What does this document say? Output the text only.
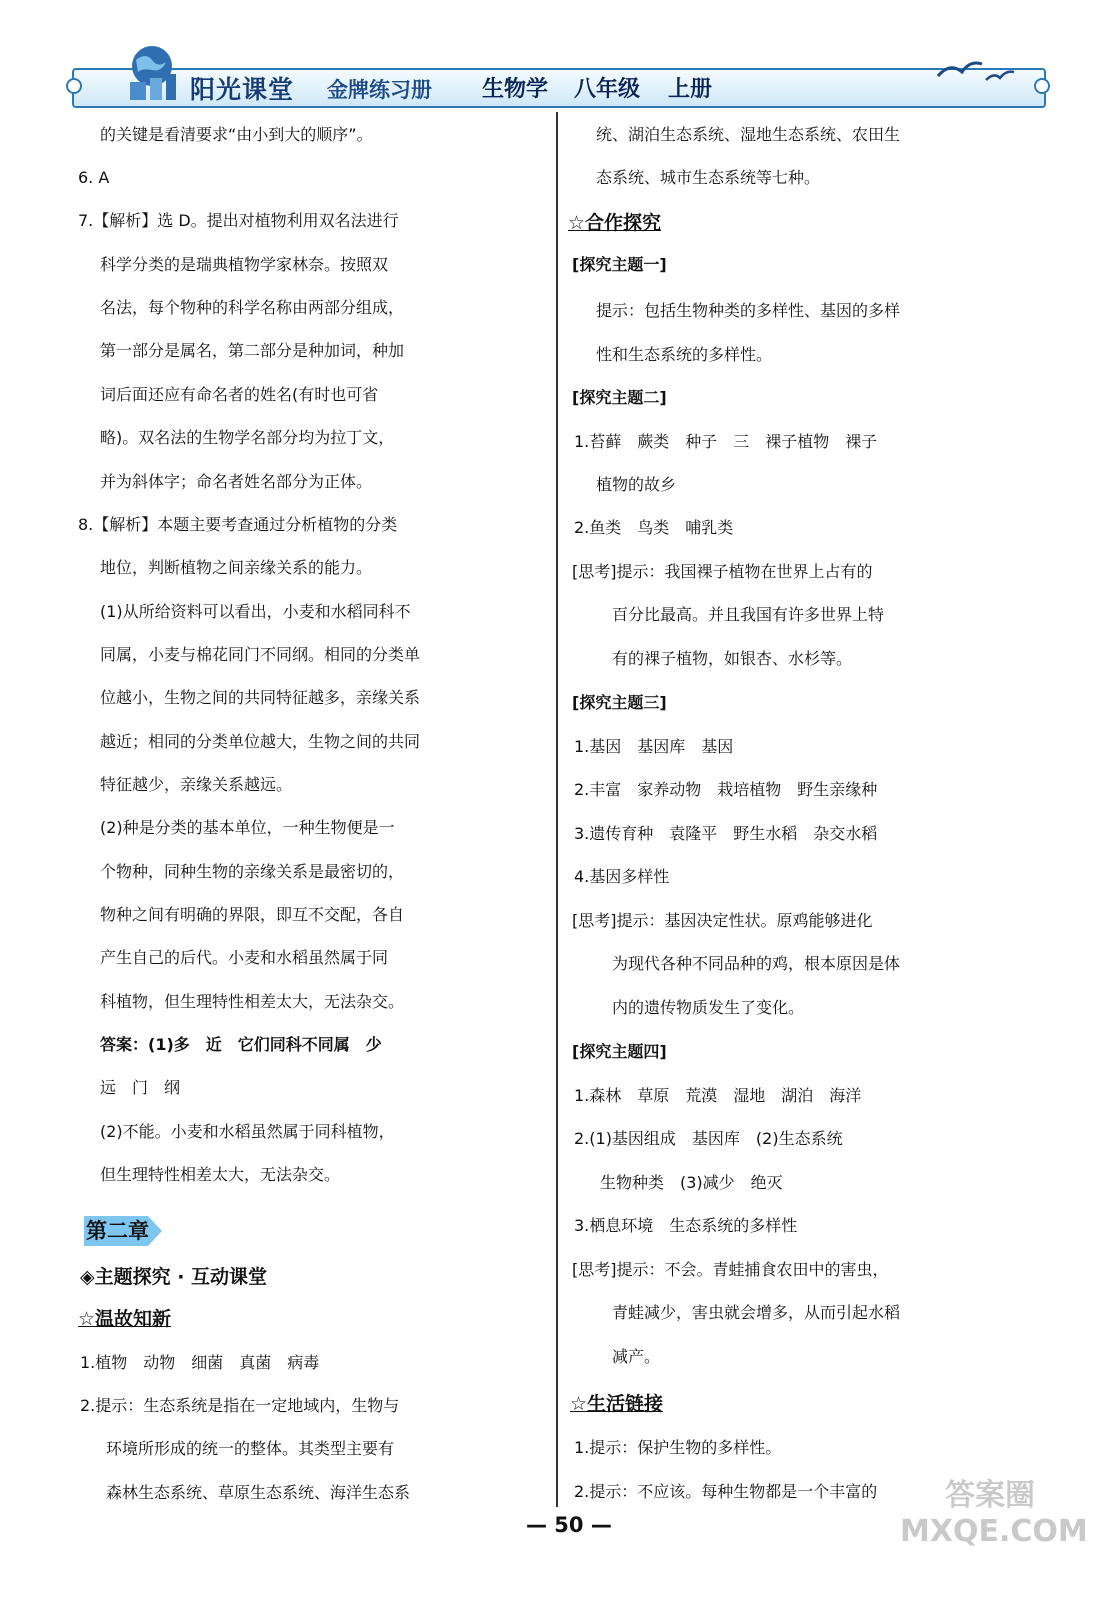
阳光课堂 金牌练习册 生物学 八年级 上册
的关键是看清要求“由小到大的顺序”。
6. A
7.【解析】选 D。提出对植物利用双名法进行
科学分类的是瑞典植物学家林奈。按照双
名法，每个物种的科学名称由两部分组成，
第一部分是属名，第二部分是种加词，种加
词后面还应有命名者的姓名(有时也可省
略)。双名法的生物学名部分均为拉丁文，
并为斜体字；命名者姓名部分为正体。
8.【解析】本题主要考查通过分析植物的分类
地位，判断植物之间亲缘关系的能力。
(1)从所给资料可以看出，小麦和水稻同科不
同属，小麦与棉花同门不同纲。相同的分类单
位越小，生物之间的共同特征越多，亲缘关系
越近；相同的分类单位越大，生物之间的共同
特征越少，亲缘关系越远。
(2)种是分类的基本单位，一种生物便是一
个物种，同种生物的亲缘关系是最密切的，
物种之间有明确的界限，即互不交配，各自
产生自己的后代。小麦和水稻虽然属于同
科植物，但生理特性相差太大，无法杂交。
答案：(1)多　近　它们同科不同属　少
远　门　纲
(2)不能。小麦和水稻虽然属于同科植物，
但生理特性相差太大，无法杂交。
第二章
◈主题探究 · 互动课堂
☆温故知新
1.植物　动物　细菌　真菌　病毒
2.提示：生态系统是指在一定地域内，生物与
环境所形成的统一的整体。其类型主要有
森林生态系统、草原生态系统、海洋生态系
统、湖泊生态系统、湿地生态系统、农田生
态系统、城市生态系统等七种。
☆合作探究
[探究主题一]
提示：包括生物种类的多样性、基因的多样
性和生态系统的多样性。
[探究主题二]
1.苔藓　蕨类　种子　三　裸子植物　裸子
植物的故乡
2.鱼类　鸟类　哺乳类
[思考]提示：我国裸子植物在世界上占有的
百分比最高。并且我国有许多世界上特
有的裸子植物，如银杏、水杉等。
[探究主题三]
1.基因　基因库　基因
2.丰富　家养动物　栽培植物　野生亲缘种
3.遗传育种　袁隆平　野生水稻　杂交水稻
4.基因多样性
[思考]提示：基因决定性状。原鸡能够进化
为现代各种不同品种的鸡，根本原因是体
内的遗传物质发生了变化。
[探究主题四]
1.森林　草原　荒漠　湿地　湖泊　海洋
2.(1)基因组成　基因库　(2)生态系统
生物种类　(3)减少　绝灭
3.栖息环境　生态系统的多样性
[思考]提示：不会。青蛙捕食农田中的害虫，
青蛙减少，害虫就会增多，从而引起水稻
减产。
☆生活链接
1.提示：保护生物的多样性。
2.提示：不应该。每种生物都是一个丰富的
— 50 —
答案圈
MXQE.COM
